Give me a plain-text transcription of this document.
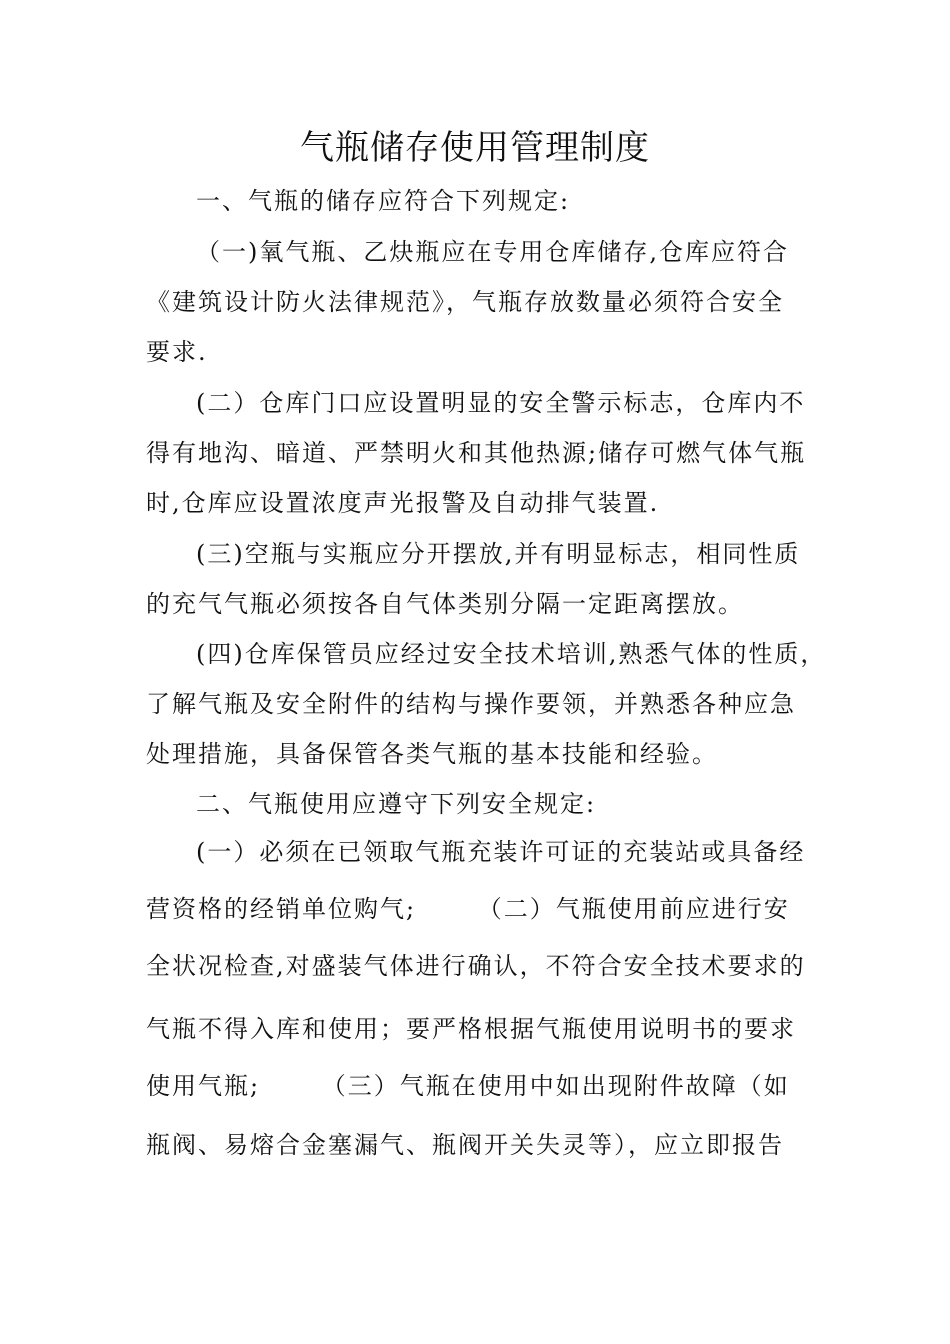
气瓶储存使用管理制度
一、气瓶的储存应符合下列规定:
（一)氧气瓶、乙炔瓶应在专用仓库储存,仓库应符合
《建筑设计防火法律规范》，气瓶存放数量必须符合安全
要求.
(二）仓库门口应设置明显的安全警示标志，仓库内不
得有地沟、暗道、严禁明火和其他热源;储存可燃气体气瓶
时,仓库应设置浓度声光报警及自动排气装置.
(三)空瓶与实瓶应分开摆放,并有明显标志，相同性质
的充气气瓶必须按各自气体类别分隔一定距离摆放。
(四)仓库保管员应经过安全技术培训,熟悉气体的性质，
了解气瓶及安全附件的结构与操作要领，并熟悉各种应急
处理措施，具备保管各类气瓶的基本技能和经验。
二、气瓶使用应遵守下列安全规定:
(一）必须在已领取气瓶充装许可证的充装站或具备经
营资格的经销单位购气;　　 （二）气瓶使用前应进行安
全状况检查,对盛装气体进行确认，不符合安全技术要求的
气瓶不得入库和使用；要严格根据气瓶使用说明书的要求
使用气瓶;　　 （三）气瓶在使用中如出现附件故障（如
瓶阀、易熔合金塞漏气、瓶阀开关失灵等），应立即报告
